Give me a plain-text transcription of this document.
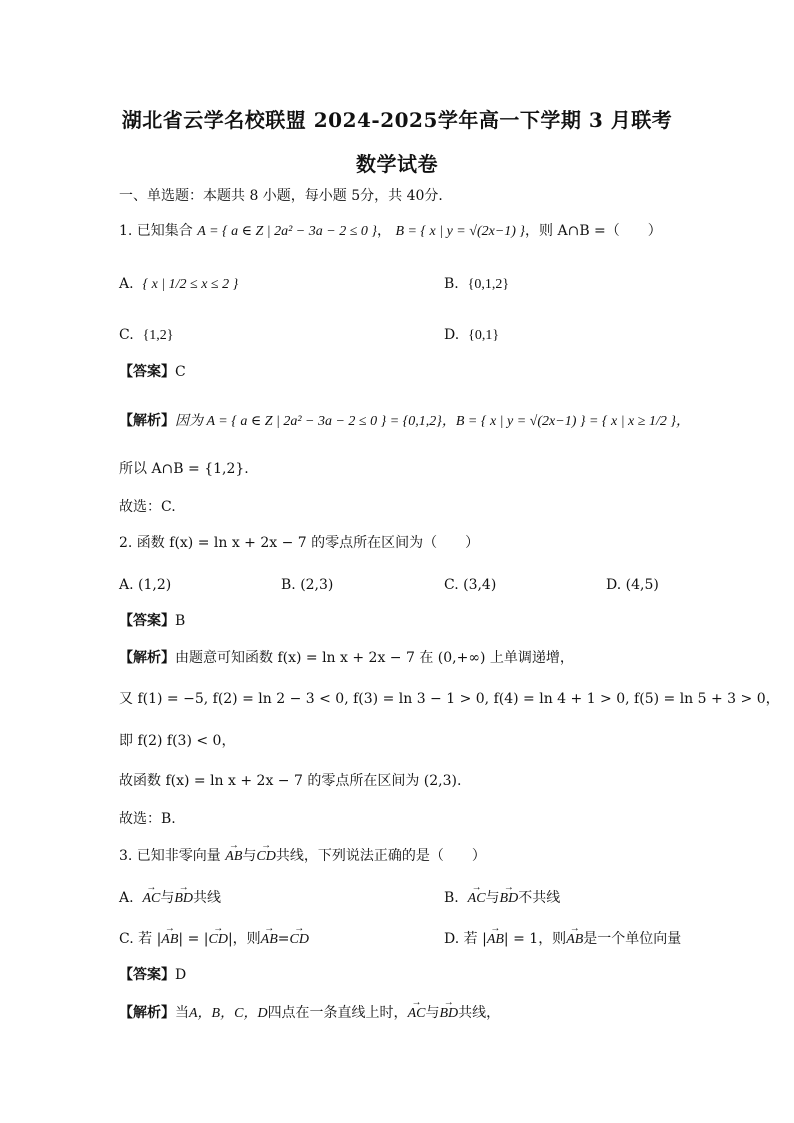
湖北省云学名校联盟 2024-2025学年高一下学期 3 月联考
数学试卷
一、单选题：本题共 8 小题，每小题 5分，共 40分．
1. 已知集合 A = { a ∈ Z | 2a² − 3a − 2 ≤ 0 }， B = { x | y = √(2x−1) }，则 A∩B =（　　）
A. { x | 1/2 ≤ x ≤ 2 }	B. {0,1,2}
C. {1,2}	D. {0,1}
【答案】C
【解析】因为 A = { a ∈ Z | 2a² − 3a − 2 ≤ 0 } = {0,1,2}，B = { x | y = √(2x−1) } = { x | x ≥ 1/2 }，
所以 A∩B = {1,2}.
故选：C.
2. 函数 f(x) = ln x + 2x − 7 的零点所在区间为（　　）
A. (1,2)	B. (2,3)	C. (3,4)	D. (4,5)
【答案】B
【解析】由题意可知函数 f(x) = ln x + 2x − 7 在 (0,+∞) 上单调递增，
又 f(1) = −5, f(2) = ln 2 − 3 < 0, f(3) = ln 3 − 1 > 0, f(4) = ln 4 + 1 > 0, f(5) = ln 5 + 3 > 0，
即 f(2) f(3) < 0，
故函数 f(x) = ln x + 2x − 7 的零点所在区间为 (2,3).
故选：B.
3. 已知非零向量 → AB与→ CD共线，下列说法正确的是（　　）
A. → AC与→ BD共线	B. → AC与→ BD不共线
C. 若 |→ AB| = |→ CD|，则→ AB=→ CD	D. 若 |→ AB| = 1，则→ AB是一个单位向量
【答案】D
【解析】当A，B，C，D四点在一条直线上时，→ AC与→ BD共线，
